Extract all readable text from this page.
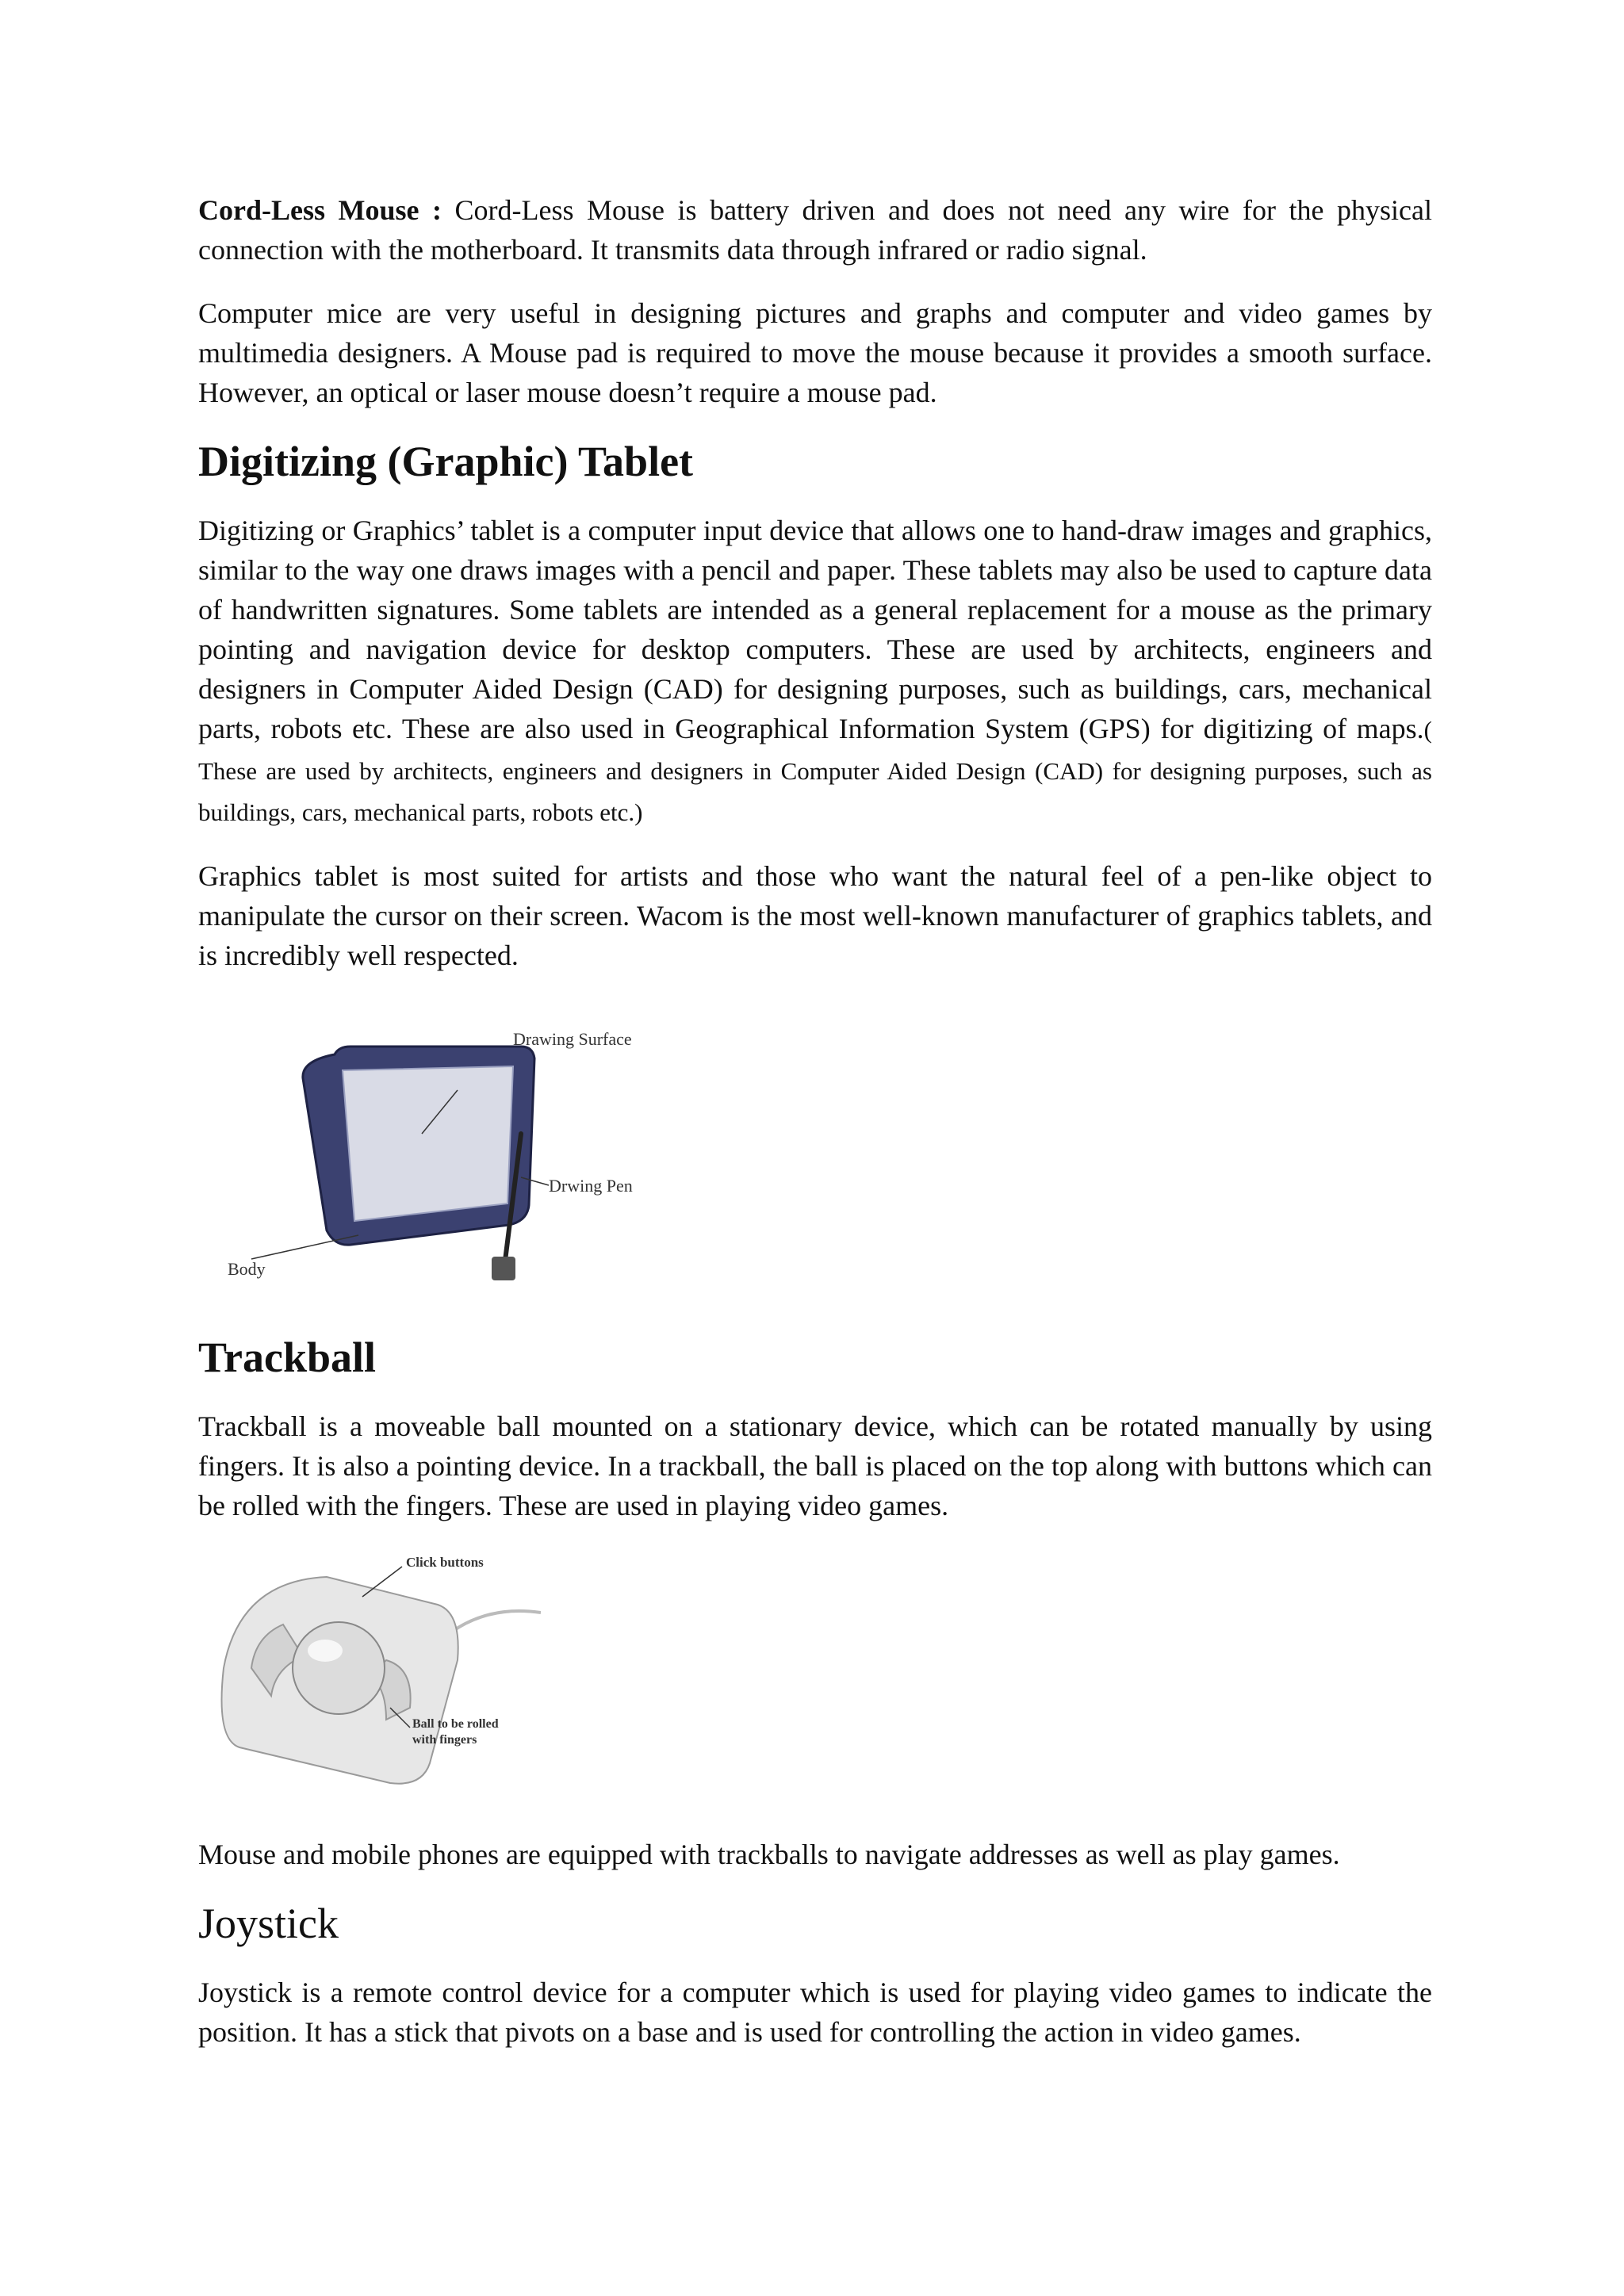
Cord-Less Mouse : Cord-Less Mouse is battery driven and does not need any wire for the physical connection with the motherboard. It transmits data through infrared or radio signal.

Computer mice are very useful in designing pictures and graphs and computer and video games by multimedia designers. A Mouse pad is required to move the mouse because it provides a smooth surface. However, an optical or laser mouse doesn’t require a mouse pad.

Digitizing (Graphic) Tablet

Digitizing or Graphics’ tablet is a computer input device that allows one to hand-draw images and graphics, similar to the way one draws images with a pencil and paper. These tablets may also be used to capture data of handwritten signatures. Some tablets are intended as a general replacement for a mouse as the primary pointing and navigation device for desktop computers. These are used by architects, engineers and designers in Computer Aided Design (CAD) for designing purposes, such as buildings, cars, mechanical parts, robots etc. These are also used in Geographical Information System (GPS) for digitizing of maps.( These are used by architects, engineers and designers in Computer Aided Design (CAD) for designing purposes, such as buildings, cars, mechanical parts, robots etc.)

Graphics tablet is most suited for artists and those who want the natural feel of a pen-like object to manipulate the cursor on their screen. Wacom is the most well-known manufacturer of graphics tablets, and is incredibly well respected.

Drawing Surface
Drwing Pen
Body
Trackball

Trackball is a moveable ball mounted on a stationary device, which can be rotated manually by using fingers. It is also a pointing device. In a trackball, the ball is placed on the top along with buttons which can be rolled with the fingers. These are used in playing video games.

Click buttons
Ball to be rolled
with fingers

Mouse and mobile phones are equipped with trackballs to navigate addresses as well as play games.

Joystick

Joystick is a remote control device for a computer which is used for playing video games to indicate the position. It has a stick that pivots on a base and is used for controlling the action in video games.
